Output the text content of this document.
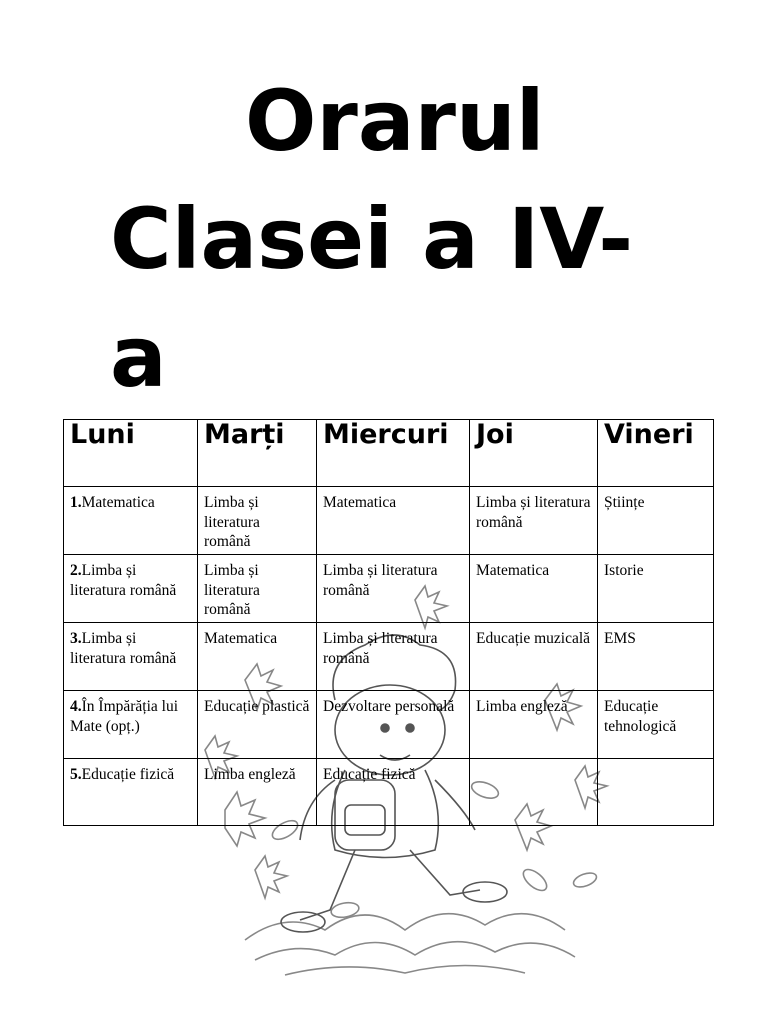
Orarul
Clasei a IV-
a
Luni	Marți	Miercuri	Joi	Vineri
1.Matematica	Limba și literatura română	Matematica	Limba și literatura română	Științe
2.Limba și literatura română	Limba și literatura română	Limba și literatura română	Matematica	Istorie
3.Limba și literatura română	Matematica	Limba și literatura română	Educație muzicală	EMS
4.În Împărăția lui Mate (opț.)	Educație plastică	Dezvoltare personală	Limba engleză	Educație tehnologică
5.Educație fizică	Limba engleză	Educație fizică		
